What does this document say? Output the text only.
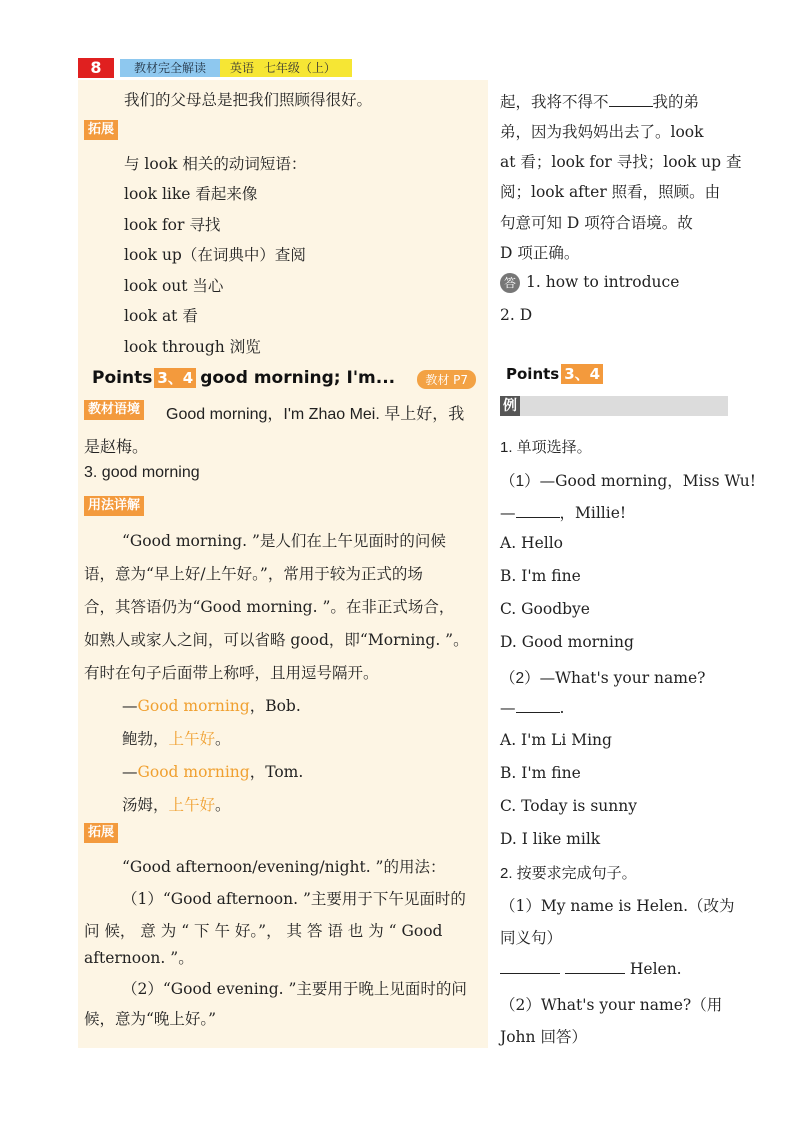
8	教材完全解读	英语 七年级（上）
我们的父母总是把我们照顾得很好。
拓展
与 look 相关的动词短语：
look like 看起来像
look for 寻找
look up（在词典中）查阅
look out 当心
look at 看
look through 浏览
Points 3、4 good morning; I'm...	教材 P7
教材语境 Good morning，I'm Zhao Mei. 早上好，我
是赵梅。
3. good morning
用法详解
“Good morning. ”是人们在上午见面时的问候
语，意为“早上好/上午好。”，常用于较为正式的场
合，其答语仍为“Good morning. ”。在非正式场合，
如熟人或家人之间，可以省略 good，即“Morning. ”。
有时在句子后面带上称呼，且用逗号隔开。
—Good morning，Bob.
鲍勃，上午好。
—Good morning，Tom.
汤姆，上午好。
拓展
“Good afternoon/evening/night. ”的用法：
（1）“Good afternoon. ”主要用于下午见面时的
问 候， 意 为 “ 下 午 好。”， 其 答 语 也 为 “ Good
afternoon. ”。
（2）“Good evening. ”主要用于晚上见面时的问
候，意为“晚上好。”
起，我将不得不	我的弟
弟，因为我妈妈出去了。look
at 看；look for 寻找；look up 查
阅；look after 照看，照顾。由
句意可知 D 项符合语境。故
D 项正确。
答 1. how to introduce
2. D
Points 3、4
例
1. 单项选择。
（1）—Good morning，Miss Wu!
—	，Millie!
A. Hello
B. I'm fine
C. Goodbye
D. Good morning
（2）—What's your name?
—	.
A. I'm Li Ming
B. I'm fine
C. Today is sunny
D. I like milk
2. 按要求完成句子。
（1）My name is Helen.（改为
同义句）
Helen.
（2）What's your name?（用
John 回答）
